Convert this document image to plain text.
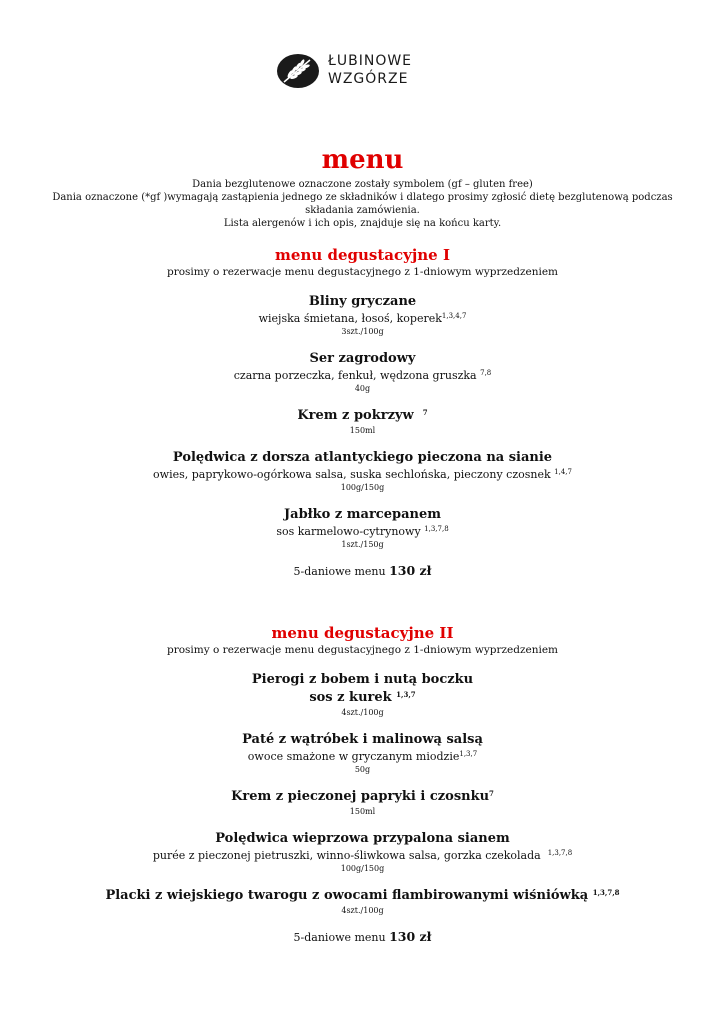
ŁUBINOWE
WZGÓRZE
menu
Dania bezglutenowe oznaczone zostały symbolem (gf – gluten free)
Dania oznaczone (*gf )wymagają zastąpienia jednego ze składników i dlatego prosimy zgłosić dietę bezglutenową podczas składania zamówienia.
Lista alergenów i ich opis, znajduje się na końcu karty.
menu degustacyjne I
prosimy o rezerwacje menu degustacyjnego z 1-dniowym wyprzedzeniem
Bliny gryczane
wiejska śmietana, łosoś, koperek$^{1,3,4,7}$
3szt./100g
Ser zagrodowy
czarna porzeczka, fenkuł, wędzona gruszka $^{7,8}$
40g
Krem z pokrzyw  $^7$
150ml
Polędwica z dorsza atlantyckiego pieczona na sianie
owies, paprykowo-ogórkowa salsa, suska sechlońska, pieczony czosnek $^{1,4,7}$
100g/150g
Jabłko z marcepanem
sos karmelowo-cytrynowy $^{1,3,7,8}$
1szt./150g
5-daniowe menu 130 zł
menu degustacyjne II
prosimy o rezerwacje menu degustacyjnego z 1-dniowym wyprzedzeniem
Pierogi z bobem i nutą boczku
sos z kurek $^{1,3,7}$
4szt./100g
Paté z wątróbek i malinową salsą
owoce smażone w gryczanym miodzie$^{1,3,7}$
50g
Krem z pieczonej papryki i czosnku$^7$
150ml
Polędwica wieprzowa przypalona sianem
purée z pieczonej pietruszki, winno-śliwkowa salsa, gorzka czekolada  $^{1,3,7,8}$
100g/150g
Placki z wiejskiego twarogu z owocami flambirowanymi wiśniówką $^{1,3,7,8}$
4szt./100g
5-daniowe menu 130 zł
